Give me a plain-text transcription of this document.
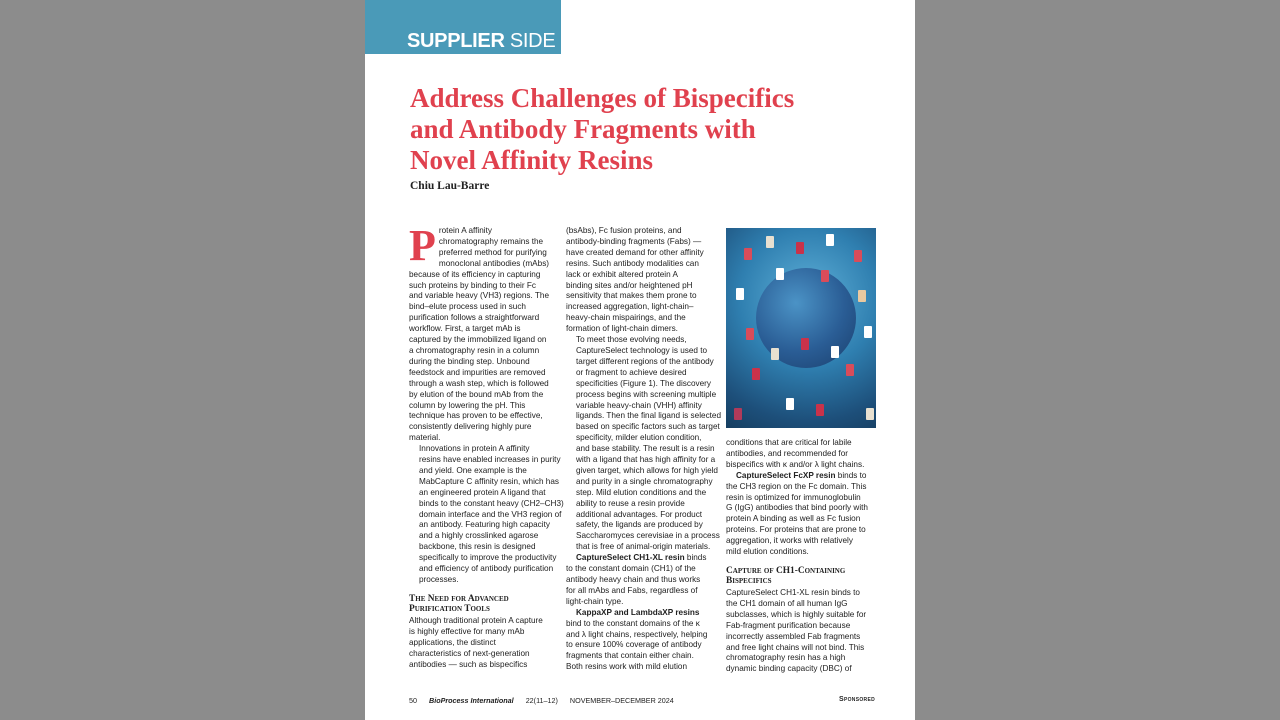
SUPPLIER SIDE
Address Challenges of Bispecifics
and Antibody Fragments with
Novel Affinity Resins
Chiu Lau-Barre

P rotein A affinity
chromatography remains the
preferred method for purifying
monoclonal antibodies (mAbs)
because of its efficiency in capturing
such proteins by binding to their Fc
and variable heavy (VH3) regions. The
bind–elute process used in such
purification follows a straightforward
workflow. First, a target mAb is
captured by the immobilized ligand on
a chromatography resin in a column
during the binding step. Unbound
feedstock and impurities are removed
through a wash step, which is followed
by elution of the bound mAb from the
column by lowering the pH. This
technique has proven to be effective,
consistently delivering highly pure
material.

Innovations in protein A affinity
resins have enabled increases in purity
and yield. One example is the
MabCapture C affinity resin, which has
an engineered protein A ligand that
binds to the constant heavy (CH2–CH3)
domain interface and the VH3 region of
an antibody. Featuring high capacity
and a highly crosslinked agarose
backbone, this resin is designed
specifically to improve the productivity
and efficiency of antibody purification
processes.

The Need for Advanced
Purification Tools

Although traditional protein A capture
is highly effective for many mAb
applications, the distinct
characteristics of next-generation
antibodies — such as bispecifics

(bsAbs), Fc fusion proteins, and
antibody-binding fragments (Fabs) —
have created demand for other affinity
resins. Such antibody modalities can
lack or exhibit altered protein A
binding sites and/or heightened pH
sensitivity that makes them prone to
increased aggregation, light-chain–
heavy-chain mispairings, and the
formation of light-chain dimers.

To meet those evolving needs,
CaptureSelect technology is used to
target different regions of the antibody
or fragment to achieve desired
specificities (Figure 1). The discovery
process begins with screening multiple
variable heavy-chain (VHH) affinity
ligands. Then the final ligand is selected
based on specific factors such as target
specificity, milder elution condition,
and base stability. The result is a resin
with a ligand that has high affinity for a
given target, which allows for high yield
and purity in a single chromatography
step. Mild elution conditions and the
ability to reuse a resin provide
additional advantages. For product
safety, the ligands are produced by
Saccharomyces cerevisiae in a process
that is free of animal-origin materials.

CaptureSelect CH1-XL resin binds
to the constant domain (CH1) of the
antibody heavy chain and thus works
for all mAbs and Fabs, regardless of
light-chain type.

KappaXP and LambdaXP resins
bind to the constant domains of the κ
and λ light chains, respectively, helping
to ensure 100% coverage of antibody
fragments that contain either chain.
Both resins work with mild elution

conditions that are critical for labile
antibodies, and recommended for
bispecifics with κ and/or λ light chains.

CaptureSelect FcXP resin binds to
the CH3 region on the Fc domain. This
resin is optimized for immunoglobulin
G (IgG) antibodies that bind poorly with
protein A binding as well as Fc fusion
proteins. For proteins that are prone to
aggregation, it works with relatively
mild elution conditions.

Capture of CH1-Containing
Bispecifics

CaptureSelect CH1-XL resin binds to
the CH1 domain of all human IgG
subclasses, which is highly suitable for
Fab-fragment purification because
incorrectly assembled Fab fragments
and free light chains will not bind. This
chromatography resin has a high
dynamic binding capacity (DBC) of

50 BioProcess International 22(11–12) NOVEMBER–DECEMBER 2024	Sponsored
